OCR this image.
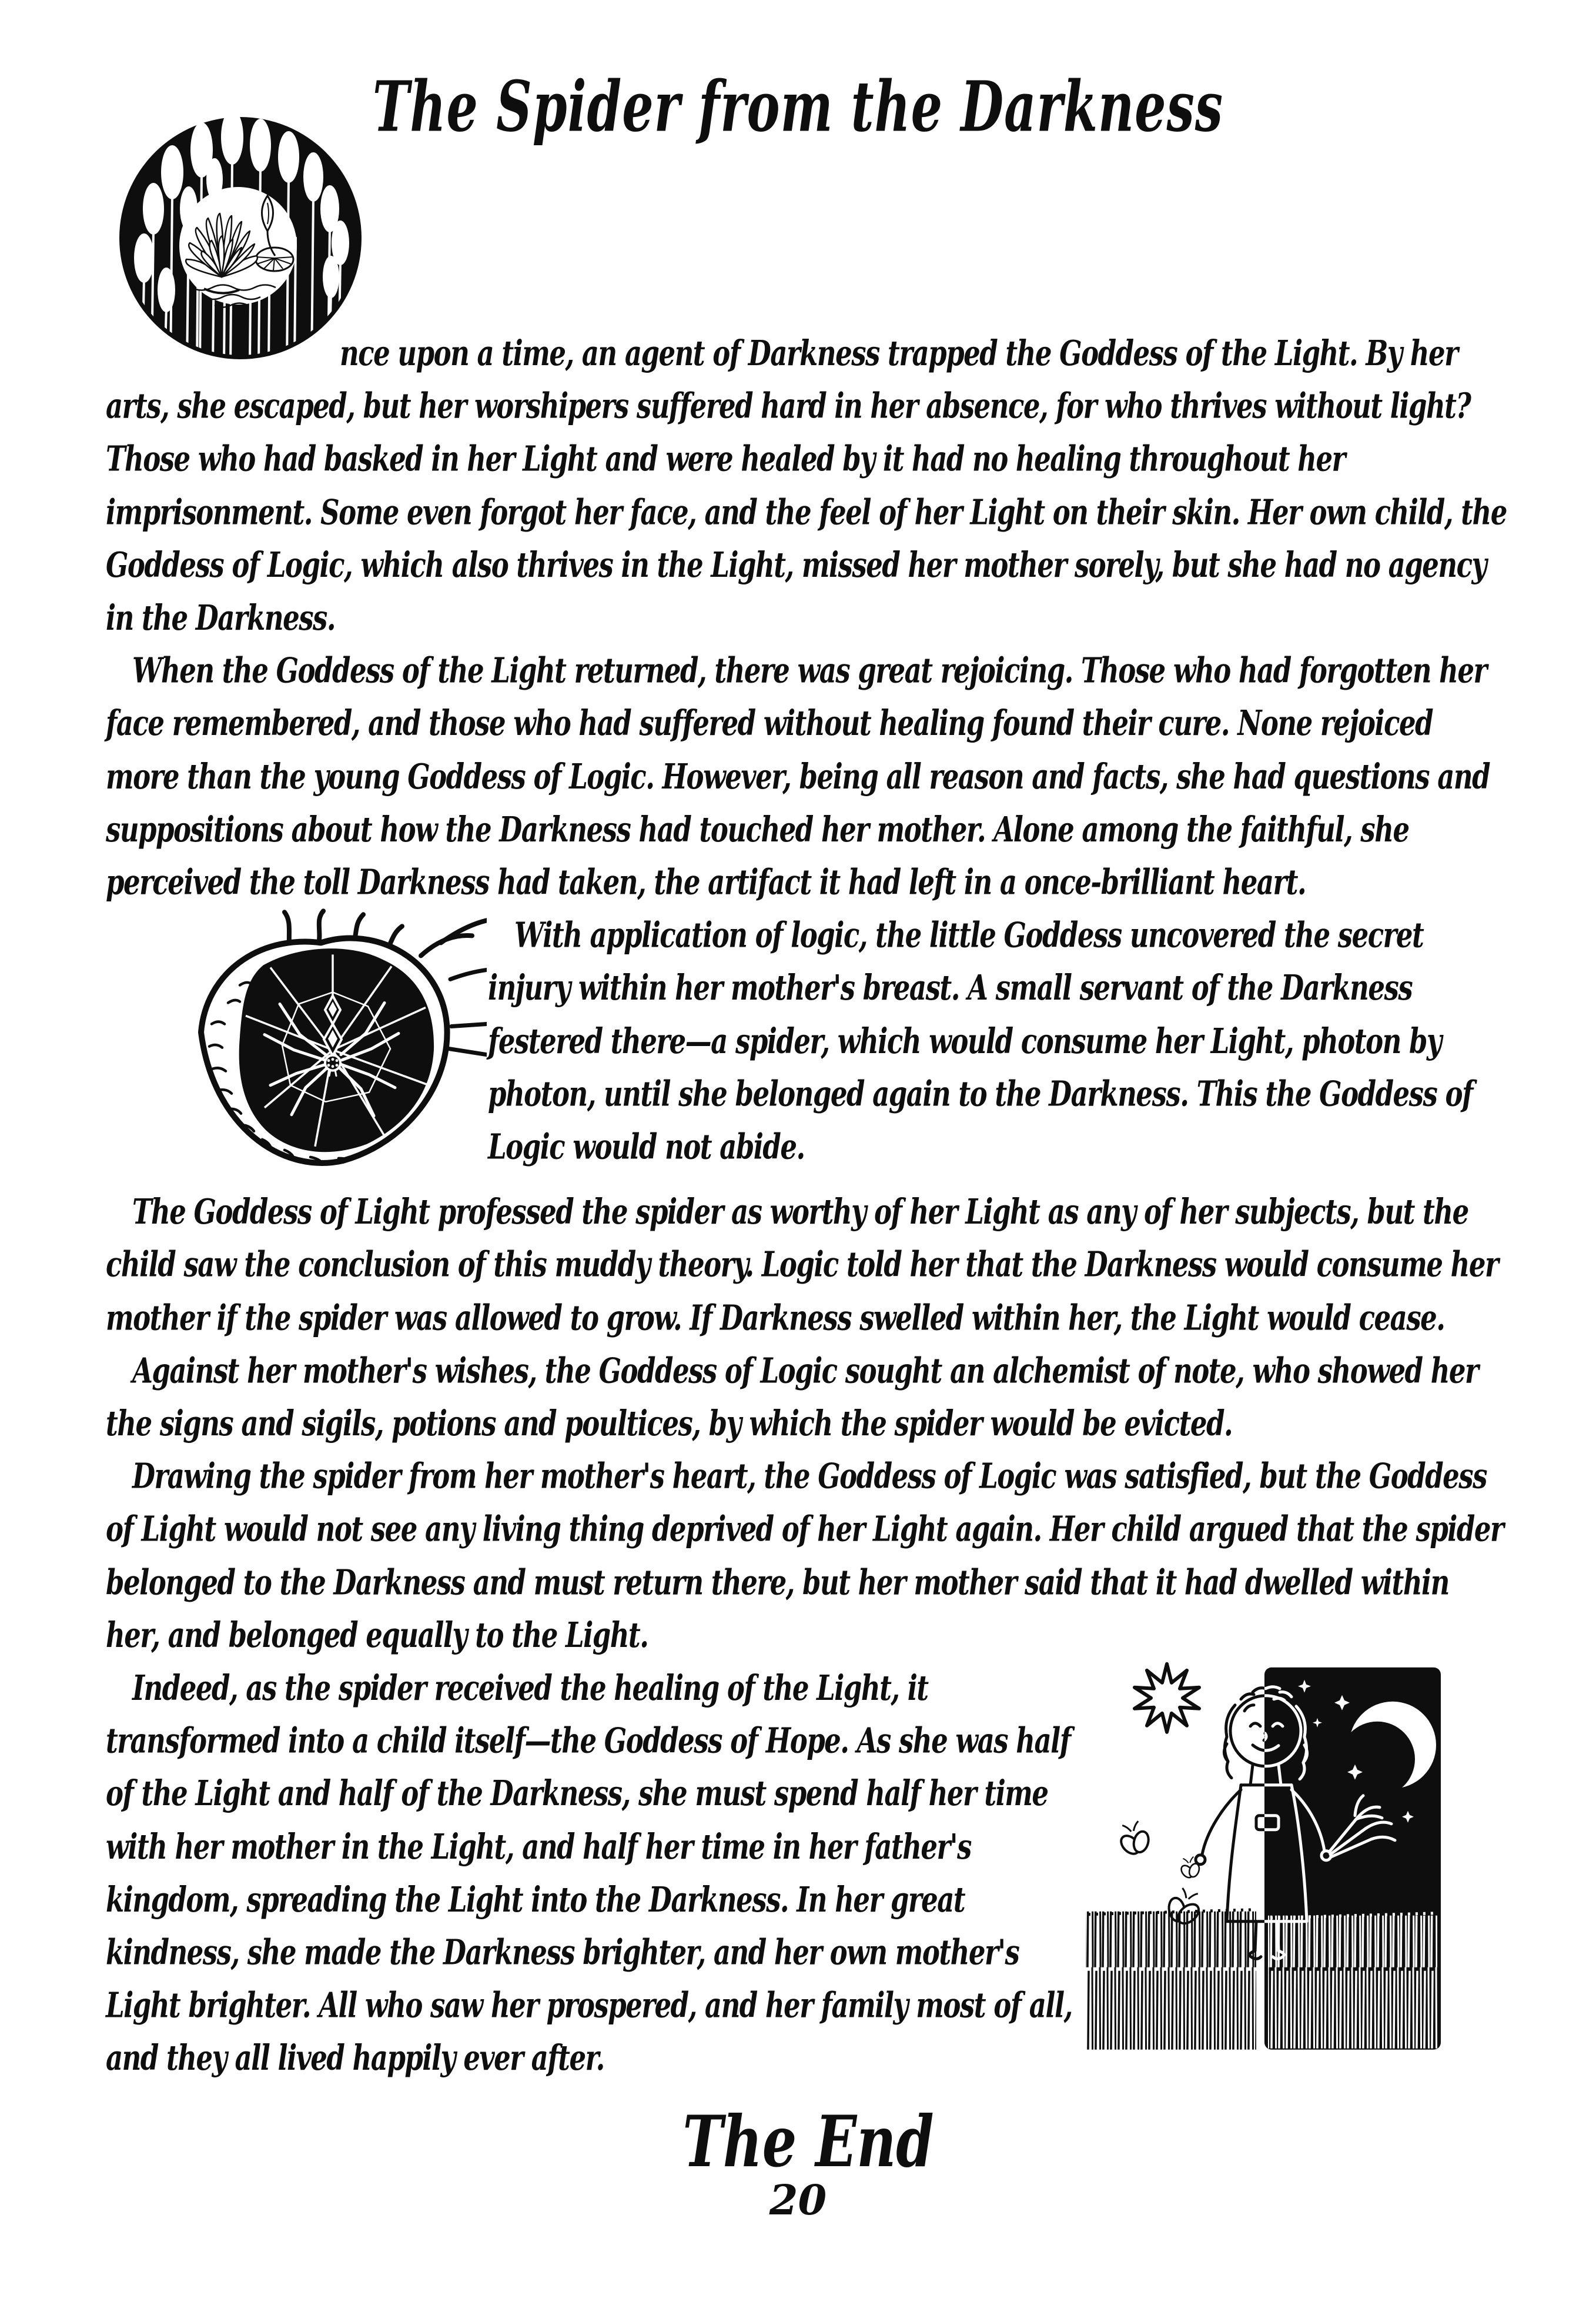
The Spider from the Darkness

nce upon a time, an agent of Darkness trapped the Goddess of the Light. By her arts, she escaped, but her worshipers suffered hard in her absence, for who thrives without light? Those who had basked in her Light and were healed by it had no healing throughout her imprisonment. Some even forgot her face, and the feel of her Light on their skin. Her own child, the Goddess of Logic, which also thrives in the Light, missed her mother sorely, but she had no agency in the Darkness.

When the Goddess of the Light returned, there was great rejoicing. Those who had forgotten her face remembered, and those who had suffered without healing found their cure. None rejoiced more than the young Goddess of Logic. However, being all reason and facts, she had questions and suppositions about how the Darkness had touched her mother. Alone among the faithful, she perceived the toll Darkness had taken, the artifact it had left in a once-brilliant heart.

With application of logic, the little Goddess uncovered the secret injury within her mother's breast. A small servant of the Darkness festered there—a spider, which would consume her Light, photon by photon, until she belonged again to the Darkness. This the Goddess of Logic would not abide.

The Goddess of Light professed the spider as worthy of her Light as any of her subjects, but the child saw the conclusion of this muddy theory. Logic told her that the Darkness would consume her mother if the spider was allowed to grow. If Darkness swelled within her, the Light would cease.

Against her mother's wishes, the Goddess of Logic sought an alchemist of note, who showed her the signs and sigils, potions and poultices, by which the spider would be evicted.

Drawing the spider from her mother's heart, the Goddess of Logic was satisfied, but the Goddess of Light would not see any living thing deprived of her Light again. Her child argued that the spider belonged to the Darkness and must return there, but her mother said that it had dwelled within her, and belonged equally to the Light.

Indeed, as the spider received the healing of the Light, it transformed into a child itself—the Goddess of Hope. As she was half of the Light and half of the Darkness, she must spend half her time with her mother in the Light, and half her time in her father's kingdom, spreading the Light into the Darkness. In her great kindness, she made the Darkness brighter, and her own mother's Light brighter. All who saw her prospered, and her family most of all, and they all lived happily ever after.

The End
20
